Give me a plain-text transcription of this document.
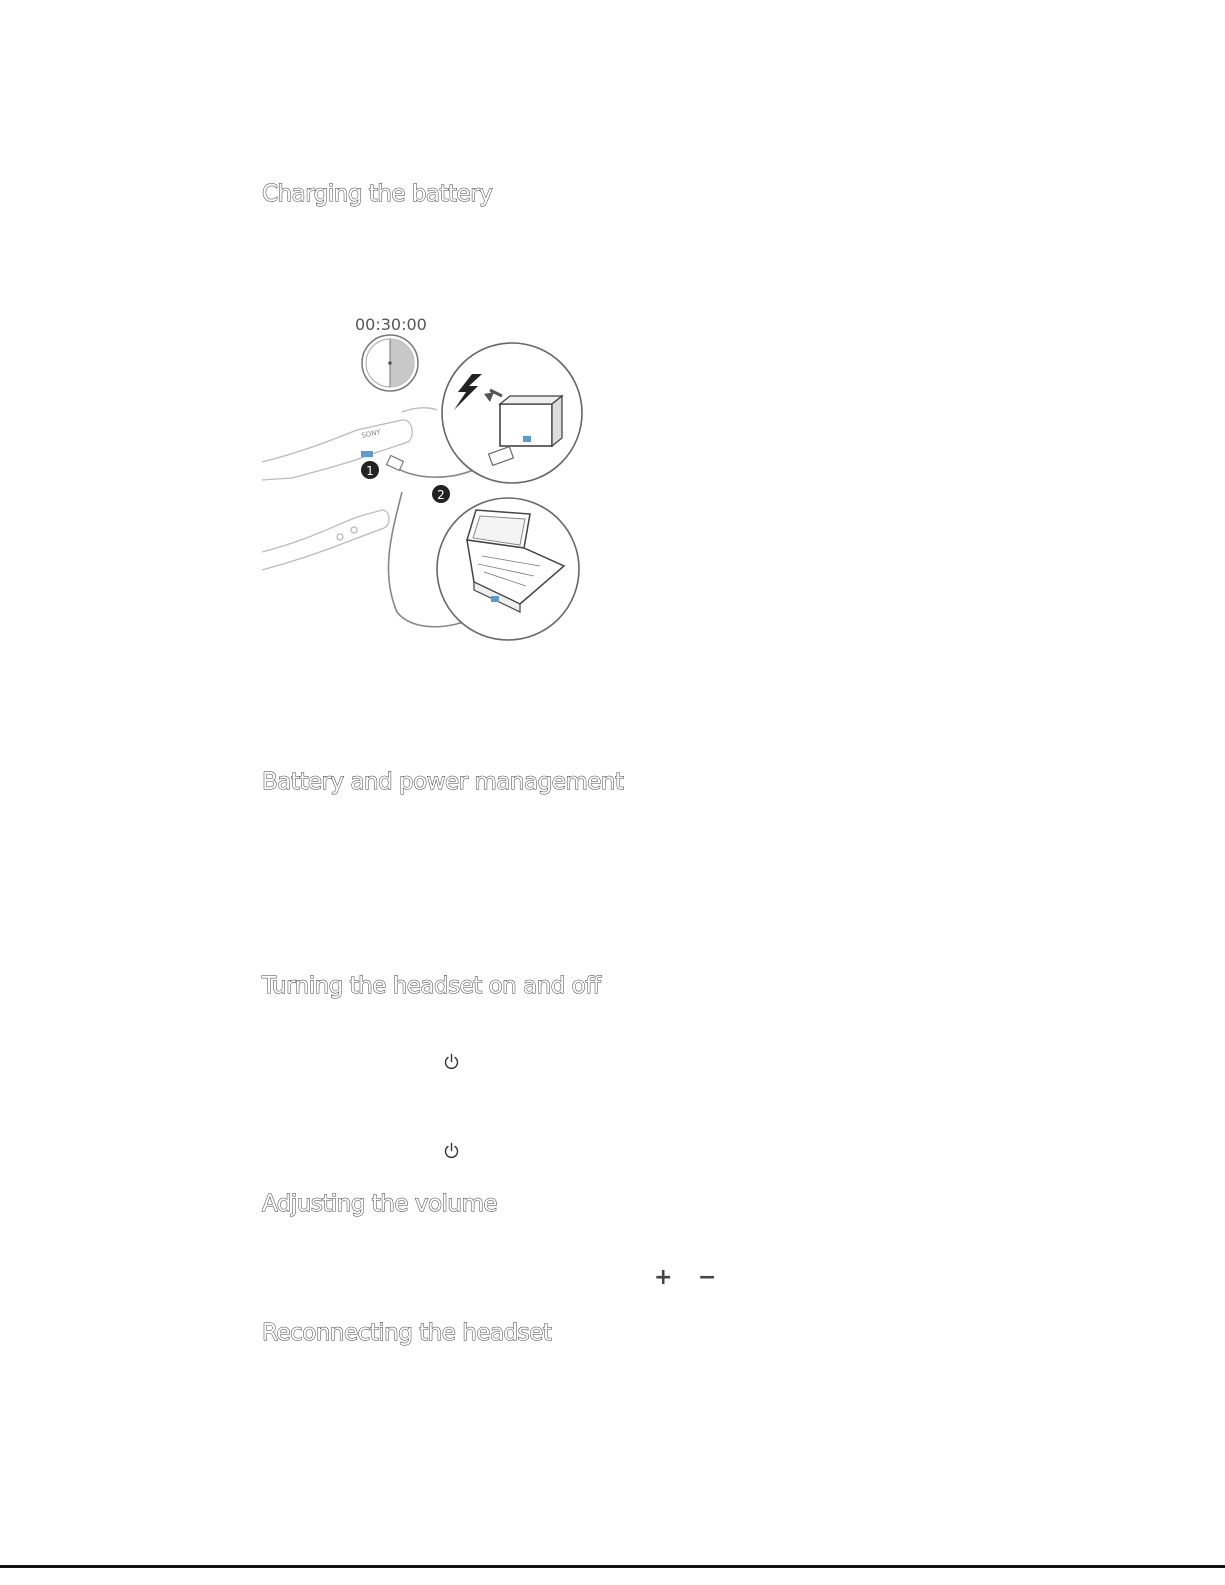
Charging the battery
00:30:00
SONY
1
2
Battery and power management
Turning the headset on and off
Adjusting the volume
+ −
Reconnecting the headset
